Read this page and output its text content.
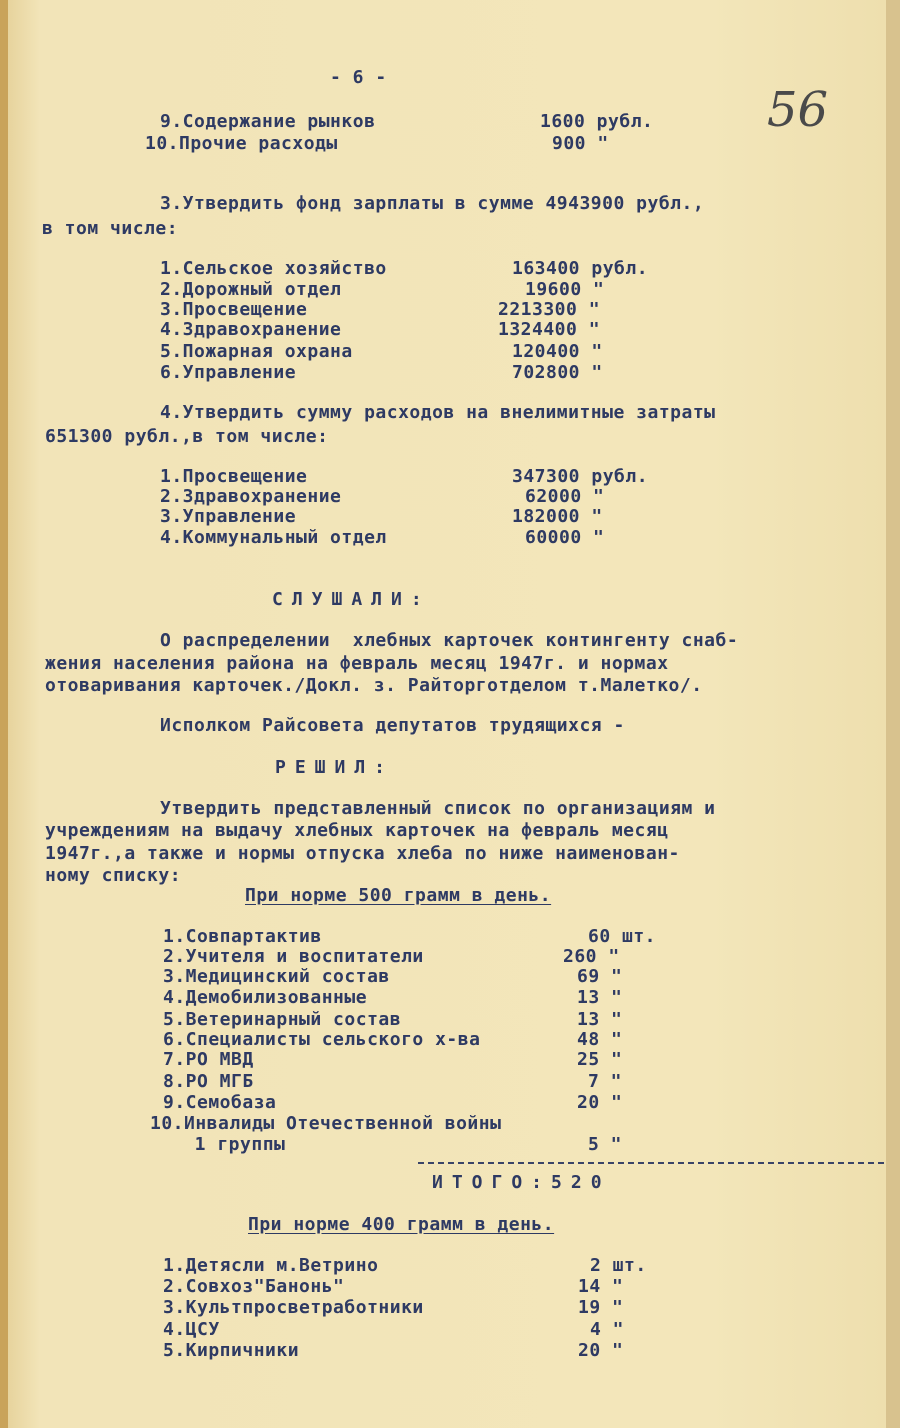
- 6 -
56
9.Содержание рынков	1600 рубл.
10.Прочие расходы	900 "
3.Утвердить фонд зарплаты в сумме 4943900 рубл.,
в том числе:
1.Сельское хозяйство	163400 рубл.
2.Дорожный отдел	19600 "
3.Просвещение	2213300 "
4.Здравохранение	1324400 "
5.Пожарная охрана	120400 "
6.Управление	702800 "
4.Утвердить сумму расходов на внелимитные затраты
651300 рубл.,в том числе:
1.Просвещение	347300 рубл.
2.Здравохранение	62000 "
3.Управление	182000 "
4.Коммунальный отдел	60000 "
СЛУШАЛИ:
О распределении  хлебных карточек контингенту снаб-
жения населения района на февраль месяц 1947г. и нормах
отоваривания карточек./Докл. з. Райторготделом т.Малетко/.
Исполком Райсовета депутатов трудящихся -
РЕШИЛ:
Утвердить представленный список по организациям и
учреждениям на выдачу хлебных карточек на февраль месяц
1947г.,а также и нормы отпуска хлеба по ниже наименован-
ному списку:
При норме 500 грамм в день.
1.Совпартактив	60 шт.
2.Учителя и воспитатели	260 "
3.Медицинский состав	69 "
4.Демобилизованные	13 "
5.Ветеринарный состав	13 "
6.Специалисты сельского х-ва	48 "
7.РО МВД	25 "
8.РО МГБ	7 "
9.Семобаза	20 "
10.Инвалиды Отечественной войны
1 группы	5 "
ИТОГО:520
При норме 400 грамм в день.
1.Детясли м.Ветрино	2 шт.
2.Совхоз"Банонь"	14 "
3.Культпросветработники	19 "
4.ЦСУ	4 "
5.Кирпичники	20 "
